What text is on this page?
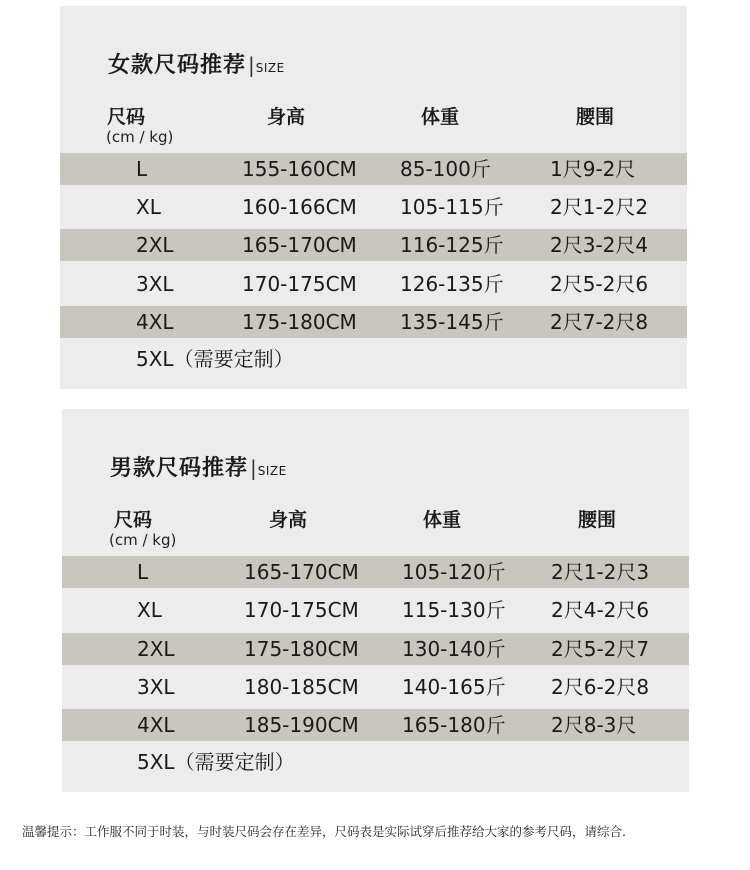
女款尺码推荐 |SIZE
尺码	身高	体重	腰围
(cm / kg)
L	155-160CM 85-100斤	1尺9-2尺
XL	160-166CM 105-115斤 2尺1-2尺2
2XL	165-170CM 116-125斤 2尺3-2尺4
3XL	170-175CM 126-135斤 2尺5-2尺6
4XL	175-180CM 135-145斤 2尺7-2尺8
5XL（需要定制）
男款尺码推荐 |SIZE
尺码	身高	体重	腰围
(cm / kg)
L	165-170CM 105-120斤 2尺1-2尺3
XL	170-175CM 115-130斤 2尺4-2尺6
2XL	175-180CM 130-140斤 2尺5-2尺7
3XL	180-185CM 140-165斤 2尺6-2尺8
4XL	185-190CM 165-180斤 2尺8-3尺
5XL（需要定制）
温馨提示：工作服不同于时装，与时装尺码会存在差异，尺码表是实际试穿后推荐给大家的参考尺码，请综合.
